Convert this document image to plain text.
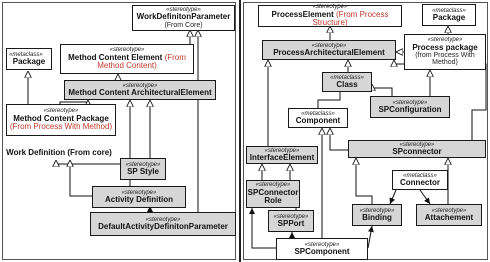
«stereotype»
WorkDefinitonParameter
(From Core)
«metaclass»
Package
«stereotype»
Method Content Element (From Method Content)
«stereotype»
Method Content ArchitecturalElement
«stereotype»
Method Content Package (From Process With Method)
Work Definition (From core)
«stereotype»
SP Style
«stereotype»
Activity Definition
«stereotype»
DefaultActivityDefinitonParameter
«stereotype»
ProcessElement (From Process Structure)
«metaclass»
Package
«stereotype»
ProcessArchitecturalElement
«stereotype»
Process package
(from Process With Method)
«metaclass»
Class
«stereotype»
SPConfiguration
«metaclass»
Component
«stereotype»
InterfaceElement
«stereotype»
SPconnector
«metaclass»
Connector
«stereotype»
SPConnector Role
«stereotype»
SPPort
«stereotype»
Binding
«stereotype»
Attachement
«stereotype»
SPComponent
